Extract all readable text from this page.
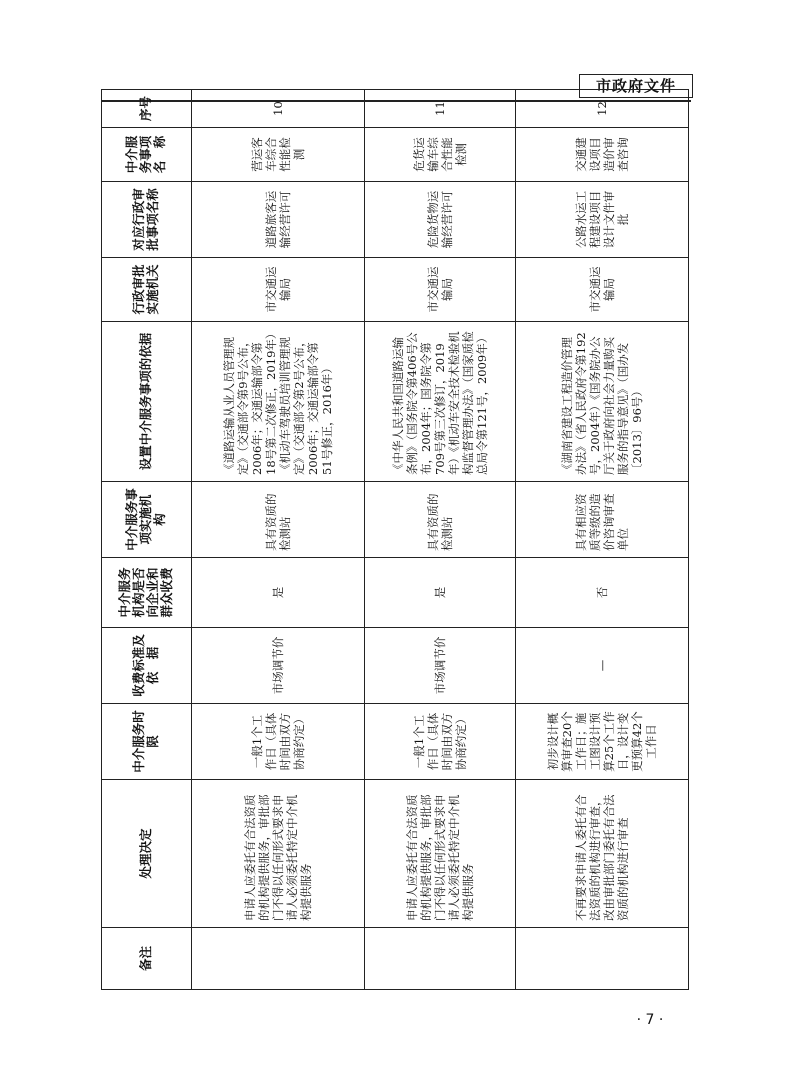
市政府文件
备注	处理决定	中介服务时　限	收费标准及依　据	中介服务机构是否向企业和群众收费	中介服务事项实施机　构	设置中介服务事项的依据	行政审批实施机关	对应行政审批事项名称	中介服务事项名　称	序号
	申请人应委托有合法资质的机构提供服务，审批部门不得以任何形式要求申请人必须委托特定中介机构提供服务	一般1个工作日（具体时间由双方协商约定）	市场调节价	是	具有资质的检测站	《道路运输从业人员管理规定》（交通部令第9号公布，2006年；交通运输部令第18号第二次修正，2019年）《机动车驾驶员培训管理规定》（交通部令第2号公布，2006年；交通运输部令第51号修正，2016年）	市交通运输局	道路旅客运输经营许可	营运客车综合性能检测	10
	申请人应委托有合法资质的机构提供服务，审批部门不得以任何形式要求申请人必须委托特定中介机构提供服务	一般1个工作日（具体时间由双方协商约定）	市场调节价	是	具有资质的检测站	《中华人民共和国道路运输条例》（国务院令第406号公布，2004年；国务院令第709号第三次修订，2019年）《机动车安全技术检验机构监督管理办法》（国家质检总局令第121号，2009年）	市交通运输局	危险货物运输经营许可	危货运输车综合性能检测	11
	不再要求申请人委托有合法资质的机构进行审查，改由审批部门委托有合法资质的机构进行审查	初步设计概算审查20个工作日；施工图设计预算25个工作日，设计变更预算42个工作日	—	否	具有相应资质等级的造价咨询审查单位	《湖南省建设工程造价管理办法》（省人民政府令第192号，2004年）《国务院办公厅关于政府向社会力量购买服务的指导意见》（国办发〔2013〕96号）	市交通运输局	公路水运工程建设项目设计文件审批	交通建设项目造价审查咨询	12
· 7 ·
